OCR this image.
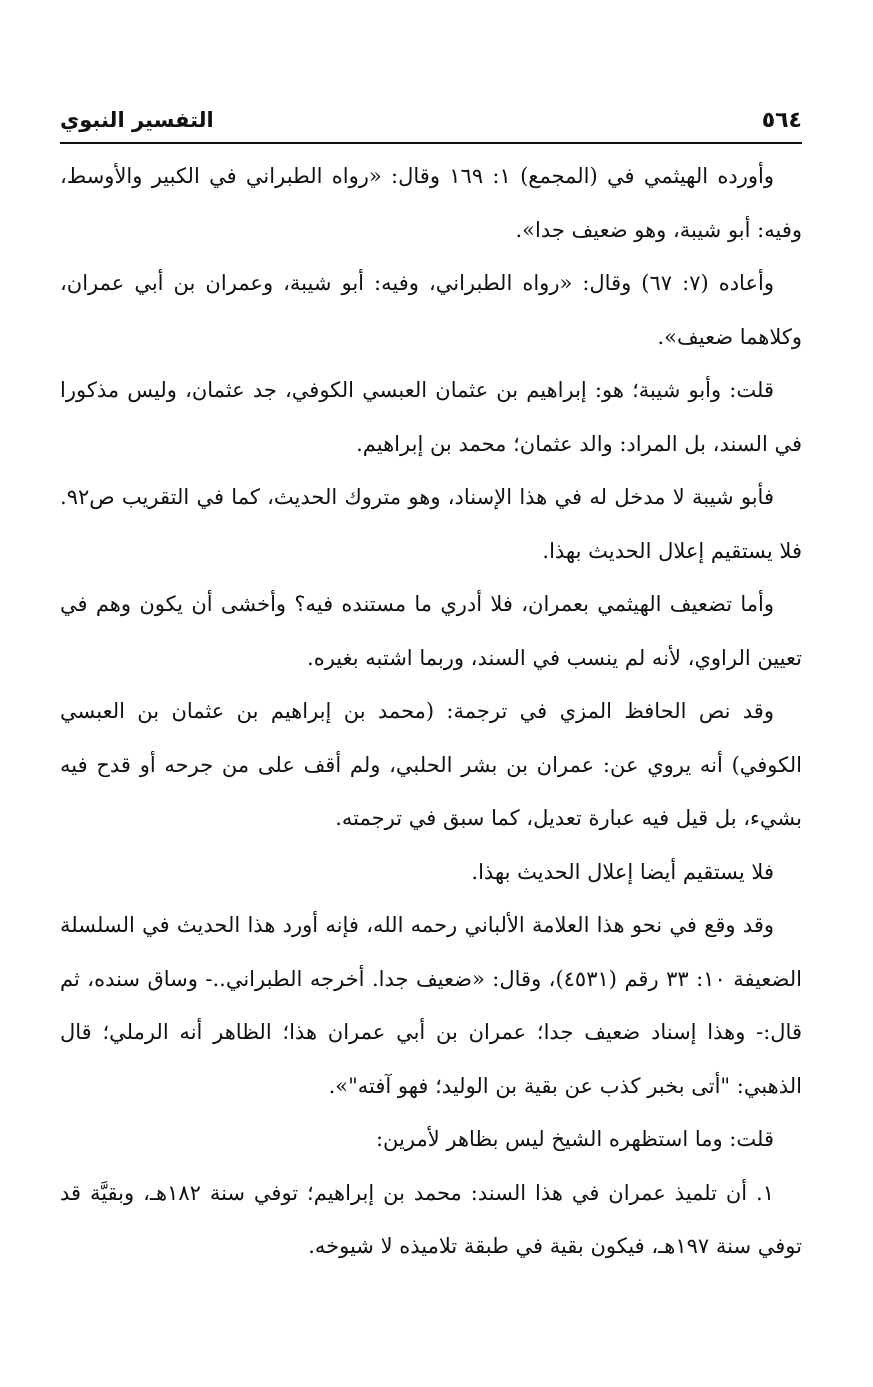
٥٦٤
التفسير النبوي

وأورده الهيثمي في (المجمع) ١: ١٦٩ وقال: «رواه الطبراني في الكبير والأوسط، وفيه: أبو شيبة، وهو ضعيف جدا».

وأعاده (٧: ٦٧) وقال: «رواه الطبراني، وفيه: أبو شيبة، وعمران بن أبي عمران، وكلاهما ضعيف».

قلت: وأبو شيبة؛ هو: إبراهيم بن عثمان العبسي الكوفي، جد عثمان، وليس مذكورا في السند، بل المراد: والد عثمان؛ محمد بن إبراهيم.

فأبو شيبة لا مدخل له في هذا الإسناد، وهو متروك الحديث، كما في التقريب ص٩٢. فلا يستقيم إعلال الحديث بهذا.

وأما تضعيف الهيثمي بعمران، فلا أدري ما مستنده فيه؟ وأخشى أن يكون وهم في تعيين الراوي، لأنه لم ينسب في السند، وربما اشتبه بغيره.

وقد نص الحافظ المزي في ترجمة: (محمد بن إبراهيم بن عثمان بن العبسي الكوفي) أنه يروي عن: عمران بن بشر الحلبي، ولم أقف على من جرحه أو قدح فيه بشيء، بل قيل فيه عبارة تعديل، كما سبق في ترجمته.

فلا يستقيم أيضا إعلال الحديث بهذا.

وقد وقع في نحو هذا العلامة الألباني رحمه الله، فإنه أورد هذا الحديث في السلسلة الضعيفة ١٠: ٣٣ رقم (٤٥٣١)، وقال: «ضعيف جدا. أخرجه الطبراني..- وساق سنده، ثم قال:- وهذا إسناد ضعيف جدا؛ عمران بن أبي عمران هذا؛ الظاهر أنه الرملي؛ قال الذهبي: "أتى بخبر كذب عن بقية بن الوليد؛ فهو آفته"».

قلت: وما استظهره الشيخ ليس بظاهر لأمرين:

١. أن تلميذ عمران في هذا السند: محمد بن إبراهيم؛ توفي سنة ١٨٢هـ، وبقيَّة قد توفي سنة ١٩٧هـ، فيكون بقية في طبقة تلاميذه لا شيوخه.
